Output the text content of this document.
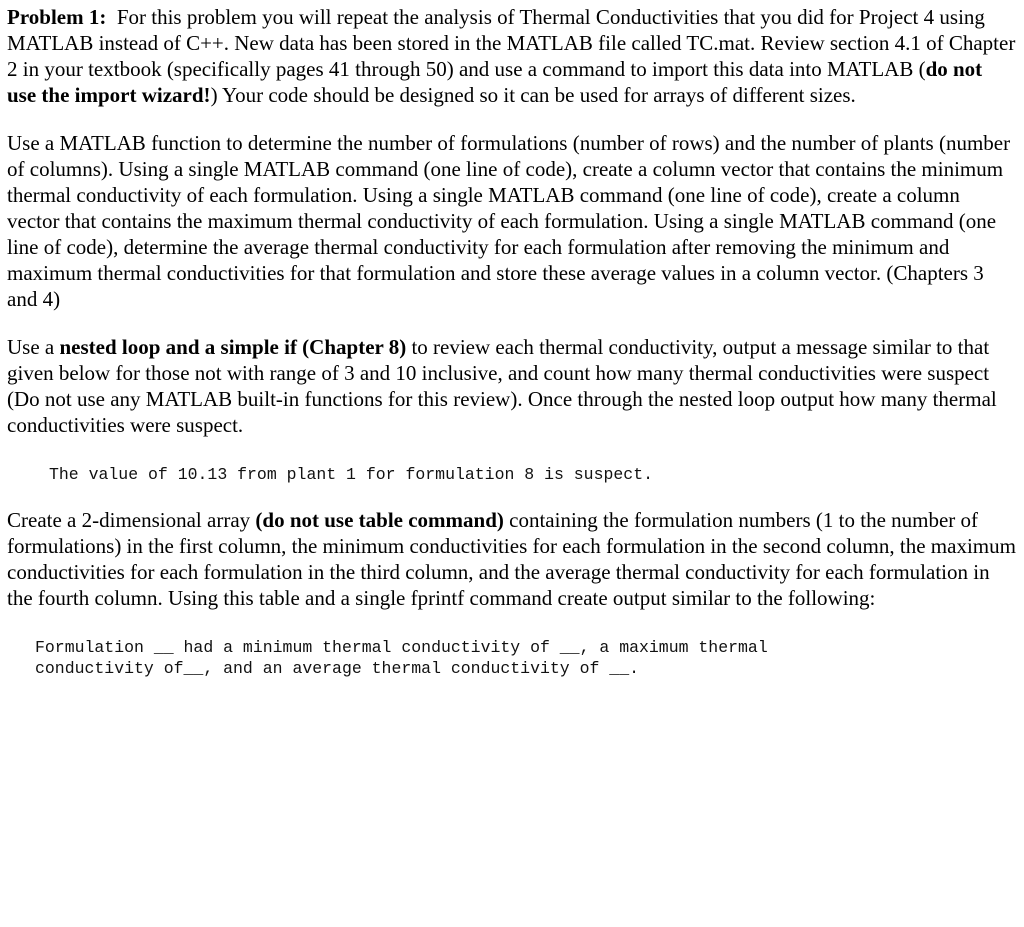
Problem 1: For this problem you will repeat the analysis of Thermal Conductivities that you did for Project 4 using MATLAB instead of C++. New data has been stored in the MATLAB file called TC.mat. Review section 4.1 of Chapter 2 in your textbook (specifically pages 41 through 50) and use a command to import this data into MATLAB (do not use the import wizard!) Your code should be designed so it can be used for arrays of different sizes.

Use a MATLAB function to determine the number of formulations (number of rows) and the number of plants (number of columns). Using a single MATLAB command (one line of code), create a column vector that contains the minimum thermal conductivity of each formulation. Using a single MATLAB command (one line of code), create a column vector that contains the maximum thermal conductivity of each formulation. Using a single MATLAB command (one line of code), determine the average thermal conductivity for each formulation after removing the minimum and maximum thermal conductivities for that formulation and store these average values in a column vector. (Chapters 3 and 4)

Use a nested loop and a simple if (Chapter 8) to review each thermal conductivity, output a message similar to that given below for those not with range of 3 and 10 inclusive, and count how many thermal conductivities were suspect (Do not use any MATLAB built-in functions for this review). Once through the nested loop output how many thermal conductivities were suspect.

The value of 10.13 from plant 1 for formulation 8 is suspect.

Create a 2-dimensional array (do not use table command) containing the formulation numbers (1 to the number of formulations) in the first column, the minimum conductivities for each formulation in the second column, the maximum conductivities for each formulation in the third column, and the average thermal conductivity for each formulation in the fourth column. Using this table and a single fprintf command create output similar to the following:

Formulation __ had a minimum thermal conductivity of __, a maximum thermal
conductivity of__, and an average thermal conductivity of __.
